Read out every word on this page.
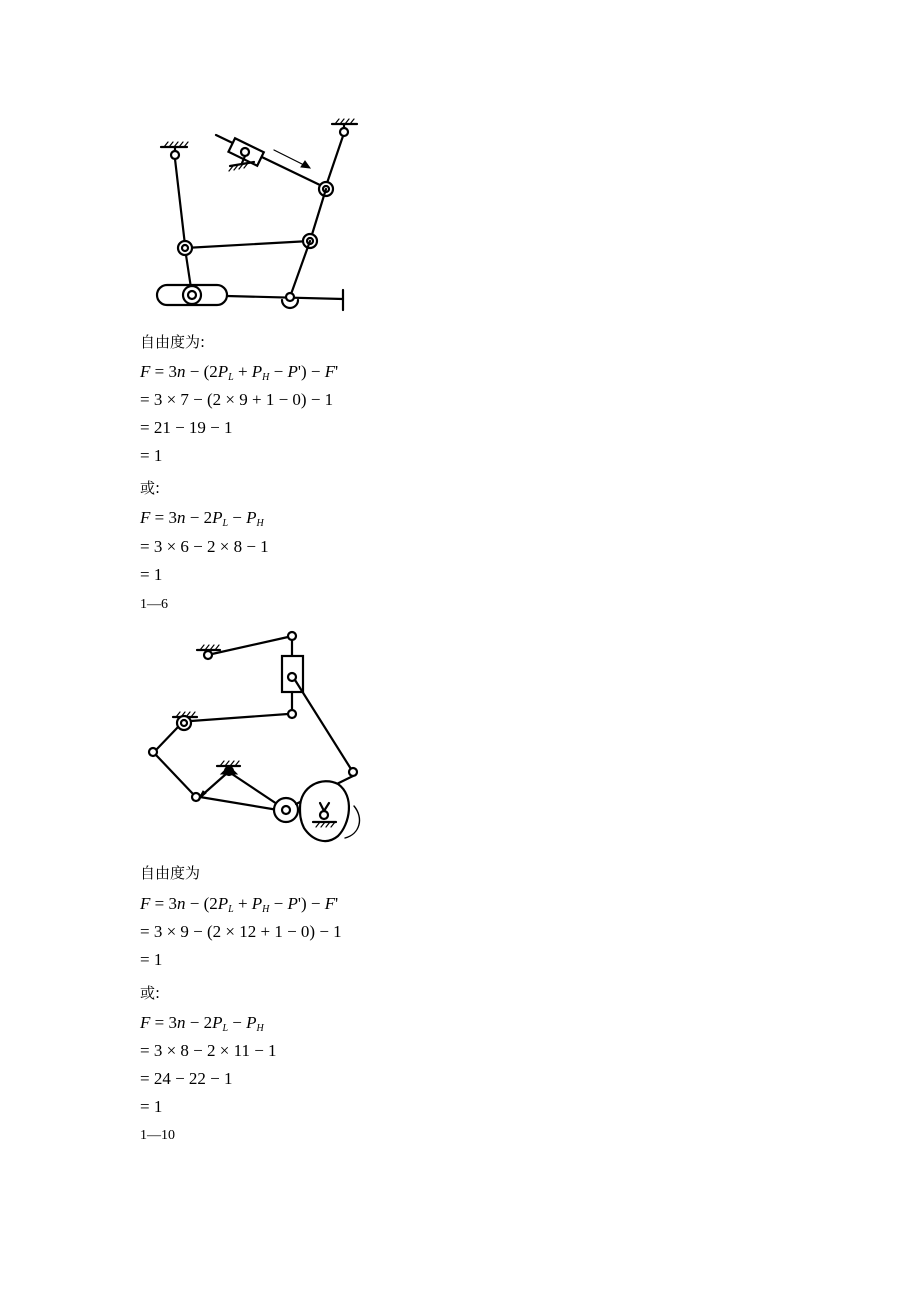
自由度为:
$F = 3n - (2P_L + P_H - P') - F'$
= 3 × 7 − (2 × 9 + 1 − 0) − 1
= 21 − 19 − 1
= 1
或:
$F = 3n - 2P_L - P_H$
= 3 × 6 − 2 × 8 − 1
= 1
1—6
自由度为
$F = 3n - (2P_L + P_H - P') - F'$
= 3 × 9 − (2 × 12 + 1 − 0) − 1
= 1
或:
$F = 3n - 2P_L - P_H$
= 3 × 8 − 2 × 11 − 1
= 24 − 22 − 1
= 1
1—10
